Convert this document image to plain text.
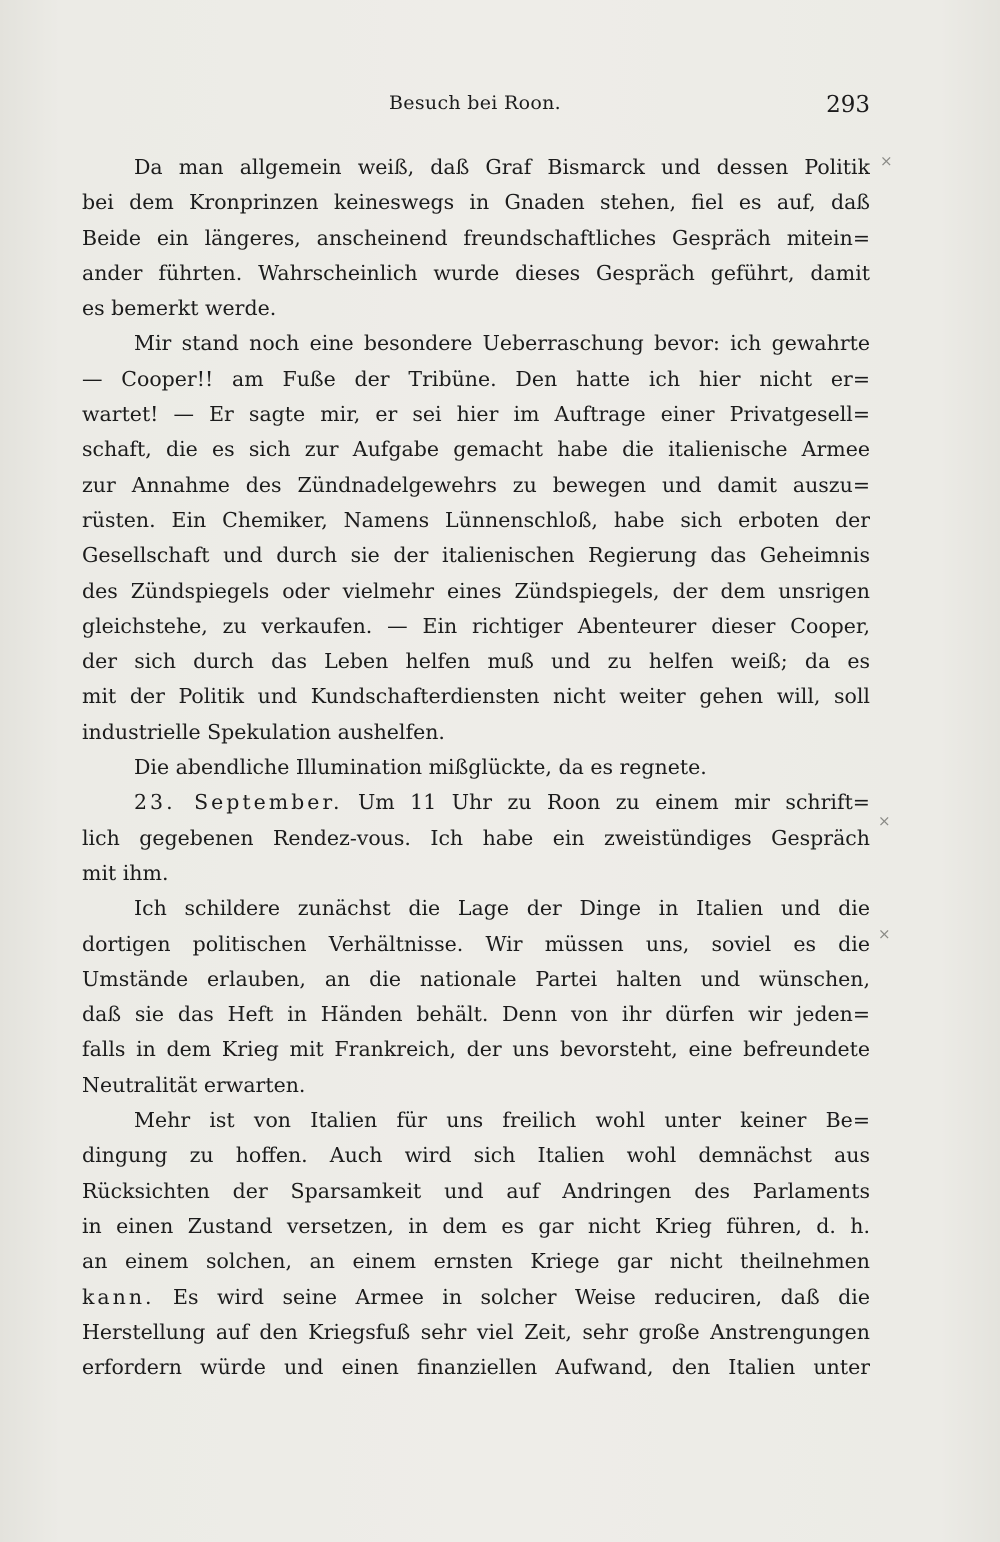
Besuch bei Roon.	293
×
×
×
Da man allgemein weiß, daß Graf Bismarck und dessen Politik
bei dem Kronprinzen keineswegs in Gnaden stehen, fiel es auf, daß
Beide ein längeres, anscheinend freundschaftliches Gespräch mitein=
ander führten. Wahrscheinlich wurde dieses Gespräch geführt, damit
es bemerkt werde.
Mir stand noch eine besondere Ueberraschung bevor: ich gewahrte
— Cooper!! am Fuße der Tribüne. Den hatte ich hier nicht er=
wartet! — Er sagte mir, er sei hier im Auftrage einer Privatgesell=
schaft, die es sich zur Aufgabe gemacht habe die italienische Armee
zur Annahme des Zündnadelgewehrs zu bewegen und damit auszu=
rüsten. Ein Chemiker, Namens Lünnenschloß, habe sich erboten der
Gesellschaft und durch sie der italienischen Regierung das Geheimnis
des Zündspiegels oder vielmehr eines Zündspiegels, der dem unsrigen
gleichstehe, zu verkaufen. — Ein richtiger Abenteurer dieser Cooper,
der sich durch das Leben helfen muß und zu helfen weiß; da es
mit der Politik und Kundschafterdiensten nicht weiter gehen will, soll
industrielle Spekulation aushelfen.
Die abendliche Illumination mißglückte, da es regnete.
23. September. Um 11 Uhr zu Roon zu einem mir schrift=
lich gegebenen Rendez-vous. Ich habe ein zweistündiges Gespräch
mit ihm.
Ich schildere zunächst die Lage der Dinge in Italien und die
dortigen politischen Verhältnisse. Wir müssen uns, soviel es die
Umstände erlauben, an die nationale Partei halten und wünschen,
daß sie das Heft in Händen behält. Denn von ihr dürfen wir jeden=
falls in dem Krieg mit Frankreich, der uns bevorsteht, eine befreundete
Neutralität erwarten.
Mehr ist von Italien für uns freilich wohl unter keiner Be=
dingung zu hoffen. Auch wird sich Italien wohl demnächst aus
Rücksichten der Sparsamkeit und auf Andringen des Parlaments
in einen Zustand versetzen, in dem es gar nicht Krieg führen, d. h.
an einem solchen, an einem ernsten Kriege gar nicht theilnehmen
kann. Es wird seine Armee in solcher Weise reduciren, daß die
Herstellung auf den Kriegsfuß sehr viel Zeit, sehr große Anstrengungen
erfordern würde und einen finanziellen Aufwand, den Italien unter
